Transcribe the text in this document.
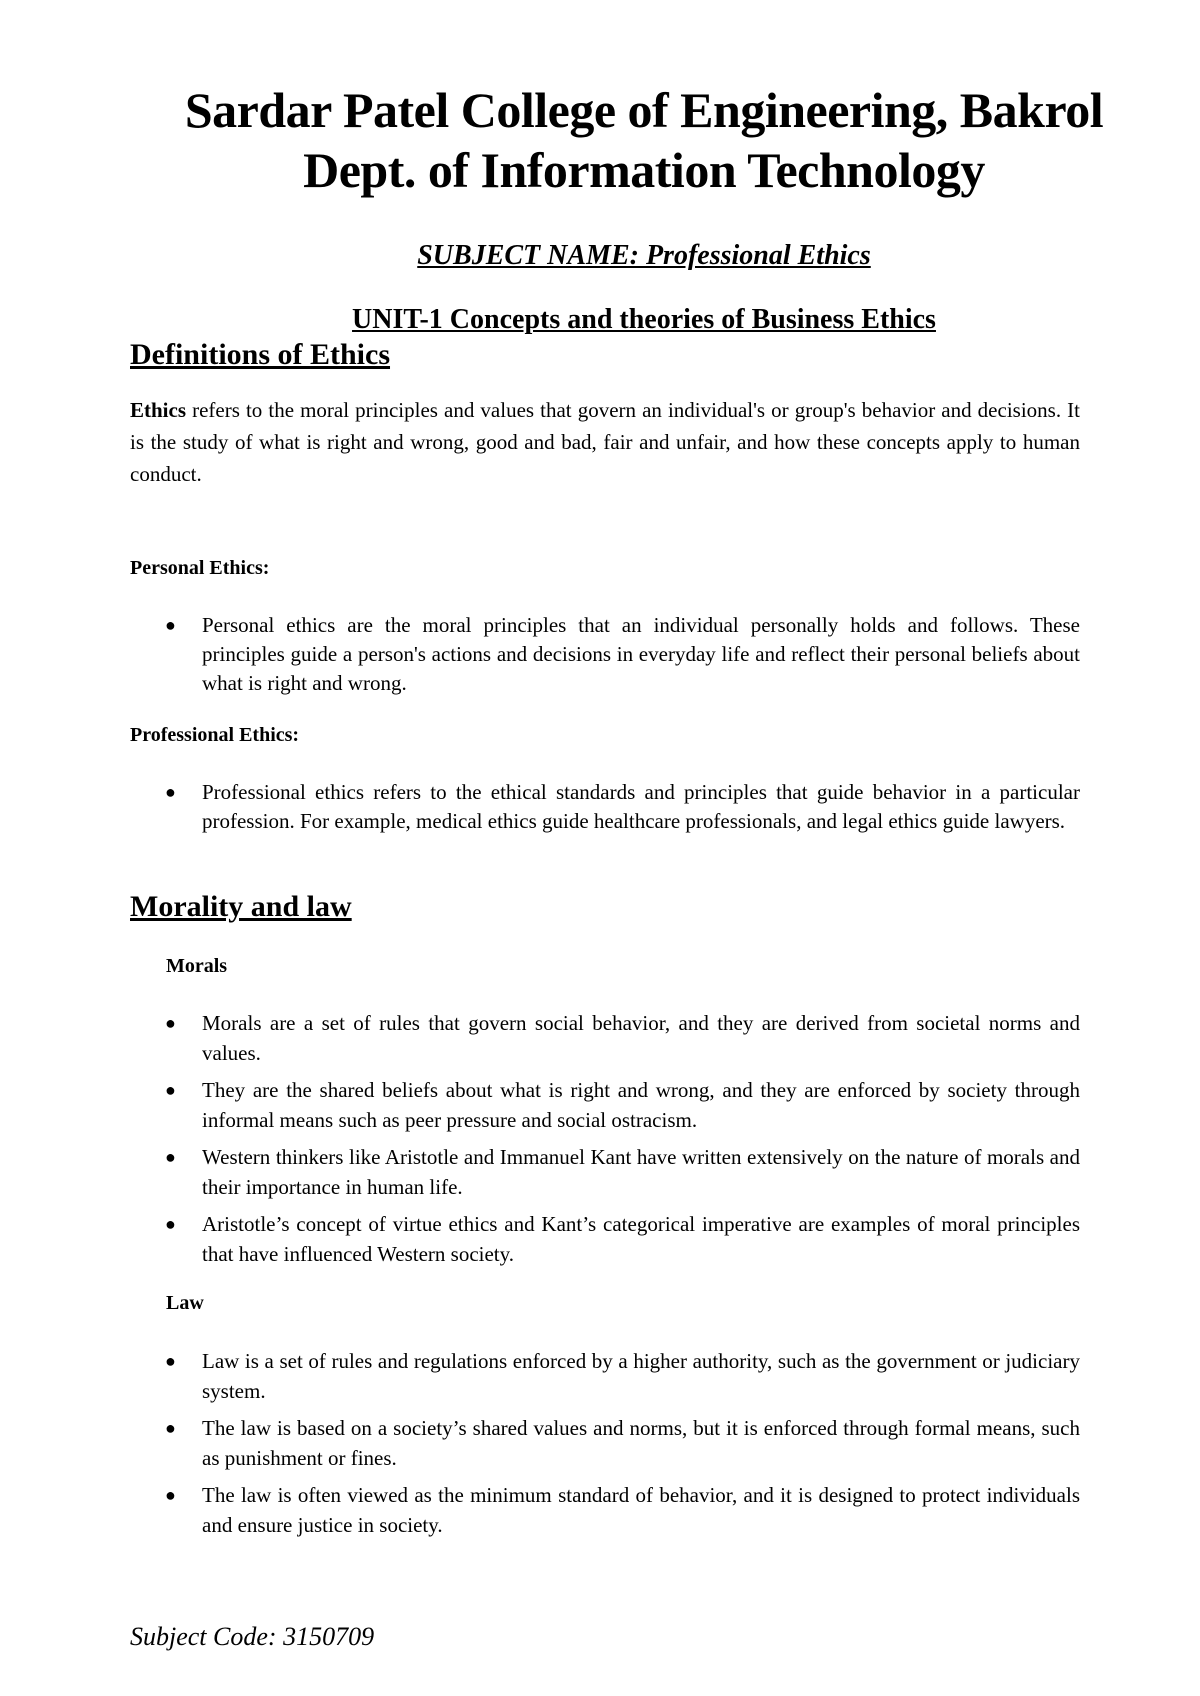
Sardar Patel College of Engineering, Bakrol
Dept. of Information Technology
SUBJECT NAME: Professional Ethics
UNIT-1 Concepts and theories of Business Ethics
Definitions of Ethics
Ethics refers to the moral principles and values that govern an individual's or group's behavior and decisions. It is the study of what is right and wrong, good and bad, fair and unfair, and how these concepts apply to human conduct.
Personal Ethics:
● Personal ethics are the moral principles that an individual personally holds and follows. These principles guide a person's actions and decisions in everyday life and reflect their personal beliefs about what is right and wrong.
Professional Ethics:
● Professional ethics refers to the ethical standards and principles that guide behavior in a particular profession. For example, medical ethics guide healthcare professionals, and legal ethics guide lawyers.
Morality and law
Morals
● Morals are a set of rules that govern social behavior, and they are derived from societal norms and values.
● They are the shared beliefs about what is right and wrong, and they are enforced by society through informal means such as peer pressure and social ostracism.
● Western thinkers like Aristotle and Immanuel Kant have written extensively on the nature of morals and their importance in human life.
● Aristotle’s concept of virtue ethics and Kant’s categorical imperative are examples of moral principles that have influenced Western society.
Law
● Law is a set of rules and regulations enforced by a higher authority, such as the government or judiciary system.
● The law is based on a society’s shared values and norms, but it is enforced through formal means, such as punishment or fines.
● The law is often viewed as the minimum standard of behavior, and it is designed to protect individuals and ensure justice in society.
Subject Code: 3150709
